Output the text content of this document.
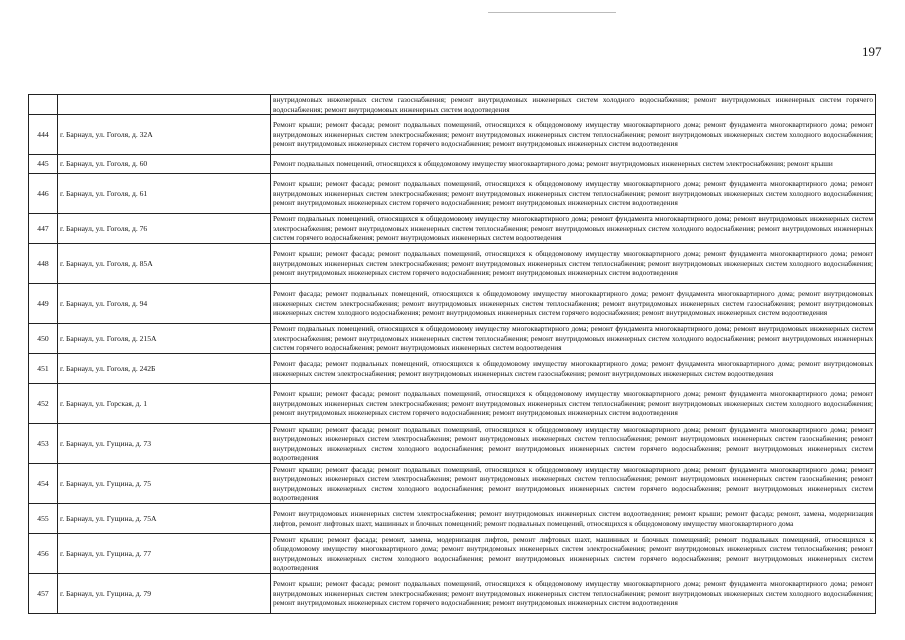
197
		внутридомовых инженерных систем газоснабжения; ремонт внутридомовых инженерных систем холодного водоснабжения; ремонт внутридомовых инженерных систем горячего водоснабжения; ремонт внутридомовых инженерных систем водоотведения
444	г. Барнаул, ул. Гоголя, д. 32А	Ремонт крыши; ремонт фасада; ремонт подвальных помещений, относящихся к общедомовому имуществу многоквартирного дома; ремонт фундамента многоквартирного дома; ремонт внутридомовых инженерных систем электроснабжения; ремонт внутридомовых инженерных систем теплоснабжения; ремонт внутридомовых инженерных систем холодного водоснабжения; ремонт внутридомовых инженерных систем горячего водоснабжения; ремонт внутридомовых инженерных систем водоотведения
445	г. Барнаул, ул. Гоголя, д. 60	Ремонт подвальных помещений, относящихся к общедомовому имуществу многоквартирного дома; ремонт внутридомовых инженерных систем электроснабжения; ремонт крыши
446	г. Барнаул, ул. Гоголя, д. 61	Ремонт крыши; ремонт фасада; ремонт подвальных помещений, относящихся к общедомовому имуществу многоквартирного дома; ремонт фундамента многоквартирного дома; ремонт внутридомовых инженерных систем электроснабжения; ремонт внутридомовых инженерных систем теплоснабжения; ремонт внутридомовых инженерных систем холодного водоснабжения; ремонт внутридомовых инженерных систем горячего водоснабжения; ремонт внутридомовых инженерных систем водоотведения
447	г. Барнаул, ул. Гоголя, д. 76	Ремонт подвальных помещений, относящихся к общедомовому имуществу многоквартирного дома; ремонт фундамента многоквартирного дома; ремонт внутридомовых инженерных систем электроснабжения; ремонт внутридомовых инженерных систем теплоснабжения; ремонт внутридомовых инженерных систем холодного водоснабжения; ремонт внутридомовых инженерных систем горячего водоснабжения; ремонт внутридомовых инженерных систем водоотведения
448	г. Барнаул, ул. Гоголя, д. 85А	Ремонт крыши; ремонт фасада; ремонт подвальных помещений, относящихся к общедомовому имуществу многоквартирного дома; ремонт фундамента многоквартирного дома; ремонт внутридомовых инженерных систем электроснабжения; ремонт внутридомовых инженерных систем теплоснабжения; ремонт внутридомовых инженерных систем холодного водоснабжения; ремонт внутридомовых инженерных систем горячего водоснабжения; ремонт внутридомовых инженерных систем водоотведения
449	г. Барнаул, ул. Гоголя, д. 94	Ремонт фасада; ремонт подвальных помещений, относящихся к общедомовому имуществу многоквартирного дома; ремонт фундамента многоквартирного дома; ремонт внутридомовых инженерных систем электроснабжения; ремонт внутридомовых инженерных систем теплоснабжения; ремонт внутридомовых инженерных систем газоснабжения; ремонт внутридомовых инженерных систем холодного водоснабжения; ремонт внутридомовых инженерных систем горячего водоснабжения; ремонт внутридомовых инженерных систем водоотведения
450	г. Барнаул, ул. Гоголя, д. 215А	Ремонт подвальных помещений, относящихся к общедомовому имуществу многоквартирного дома; ремонт фундамента многоквартирного дома; ремонт внутридомовых инженерных систем электроснабжения; ремонт внутридомовых инженерных систем теплоснабжения; ремонт внутридомовых инженерных систем холодного водоснабжения; ремонт внутридомовых инженерных систем горячего водоснабжения; ремонт внутридомовых инженерных систем водоотведения
451	г. Барнаул, ул. Гоголя, д. 242Б	Ремонт фасада; ремонт подвальных помещений, относящихся к общедомовому имуществу многоквартирного дома; ремонт фундамента многоквартирного дома; ремонт внутридомовых инженерных систем электроснабжения; ремонт внутридомовых инженерных систем газоснабжения; ремонт внутридомовых инженерных систем водоотведения
452	г. Барнаул, ул. Горская, д. 1	Ремонт крыши; ремонт фасада; ремонт подвальных помещений, относящихся к общедомовому имуществу многоквартирного дома; ремонт фундамента многоквартирного дома; ремонт внутридомовых инженерных систем электроснабжения; ремонт внутридомовых инженерных систем теплоснабжения; ремонт внутридомовых инженерных систем холодного водоснабжения; ремонт внутридомовых инженерных систем горячего водоснабжения; ремонт внутридомовых инженерных систем водоотведения
453	г. Барнаул, ул. Гущина, д. 73	Ремонт крыши; ремонт фасада; ремонт подвальных помещений, относящихся к общедомовому имуществу многоквартирного дома; ремонт фундамента многоквартирного дома; ремонт внутридомовых инженерных систем электроснабжения; ремонт внутридомовых инженерных систем теплоснабжения; ремонт внутридомовых инженерных систем газоснабжения; ремонт внутридомовых инженерных систем холодного водоснабжения; ремонт внутридомовых инженерных систем горячего водоснабжения; ремонт внутридомовых инженерных систем водоотведения
454	г. Барнаул, ул. Гущина, д. 75	Ремонт крыши; ремонт фасада; ремонт подвальных помещений, относящихся к общедомовому имуществу многоквартирного дома; ремонт фундамента многоквартирного дома; ремонт внутридомовых инженерных систем электроснабжения; ремонт внутридомовых инженерных систем теплоснабжения; ремонт внутридомовых инженерных систем газоснабжения; ремонт внутридомовых инженерных систем холодного водоснабжения; ремонт внутридомовых инженерных систем горячего водоснабжения; ремонт внутридомовых инженерных систем водоотведения
455	г. Барнаул, ул. Гущина, д. 75А	Ремонт внутридомовых инженерных систем электроснабжения; ремонт внутридомовых инженерных систем водоотведения; ремонт крыши; ремонт фасада; ремонт, замена, модернизация лифтов, ремонт лифтовых шахт, машинных и блочных помещений; ремонт подвальных помещений, относящихся к общедомовому имуществу многоквартирного дома
456	г. Барнаул, ул. Гущина, д. 77	Ремонт крыши; ремонт фасада; ремонт, замена, модернизация лифтов, ремонт лифтовых шахт, машинных и блочных помещений; ремонт подвальных помещений, относящихся к общедомовому имуществу многоквартирного дома; ремонт внутридомовых инженерных систем электроснабжения; ремонт внутридомовых инженерных систем теплоснабжения; ремонт внутридомовых инженерных систем холодного водоснабжения; ремонт внутридомовых инженерных систем горячего водоснабжения; ремонт внутридомовых инженерных систем водоотведения
457	г. Барнаул, ул. Гущина, д. 79	Ремонт крыши; ремонт фасада; ремонт подвальных помещений, относящихся к общедомовому имуществу многоквартирного дома; ремонт фундамента многоквартирного дома; ремонт внутридомовых инженерных систем электроснабжения; ремонт внутридомовых инженерных систем теплоснабжения; ремонт внутридомовых инженерных систем холодного водоснабжения; ремонт внутридомовых инженерных систем горячего водоснабжения; ремонт внутридомовых инженерных систем водоотведения
